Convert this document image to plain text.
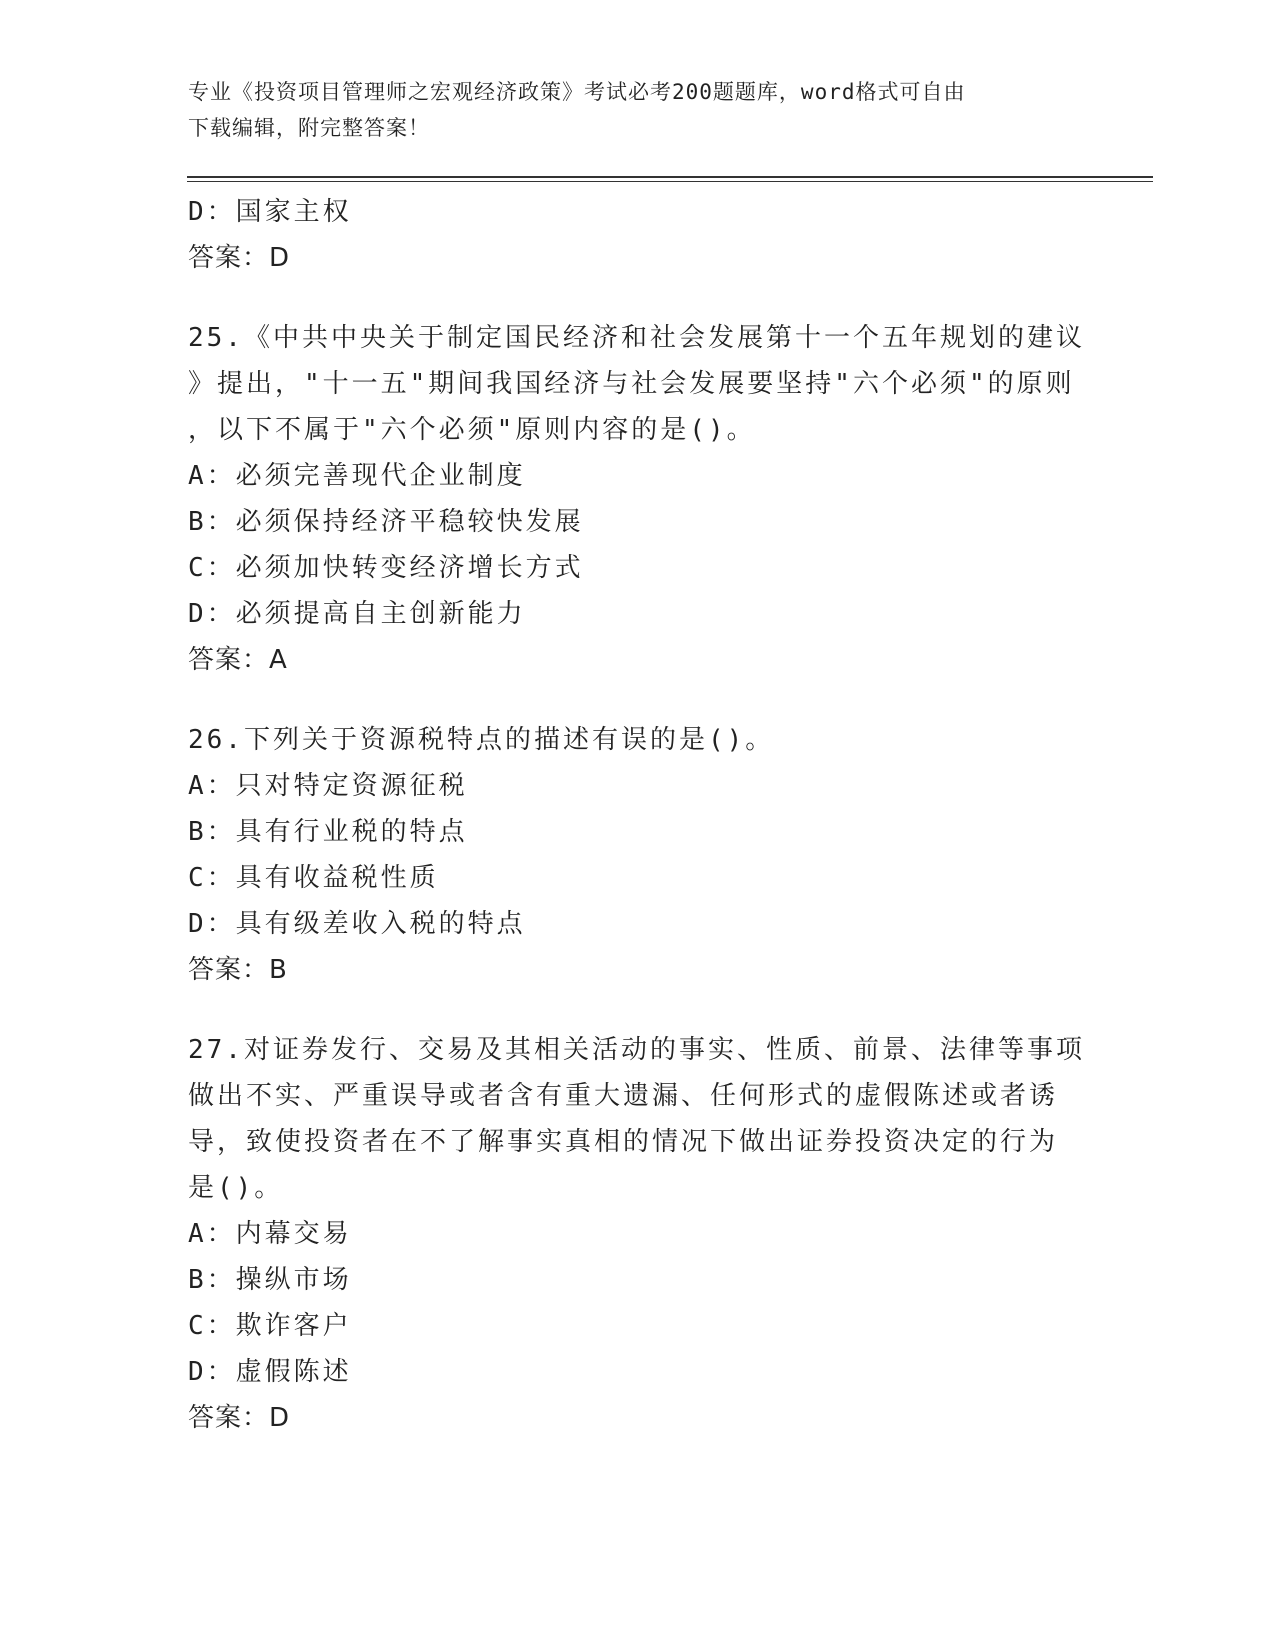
专业《投资项目管理师之宏观经济政策》考试必考200题题库，word格式可自由
下载编辑，附完整答案！
D：国家主权
答案：D
25.《中共中央关于制定国民经济和社会发展第十一个五年规划的建议
》提出，"十一五"期间我国经济与社会发展要坚持"六个必须"的原则
，以下不属于"六个必须"原则内容的是()。
A：必须完善现代企业制度
B：必须保持经济平稳较快发展
C：必须加快转变经济增长方式
D：必须提高自主创新能力
答案：A
26.下列关于资源税特点的描述有误的是()。
A：只对特定资源征税
B：具有行业税的特点
C：具有收益税性质
D：具有级差收入税的特点
答案：B
27.对证券发行、交易及其相关活动的事实、性质、前景、法律等事项
做出不实、严重误导或者含有重大遗漏、任何形式的虚假陈述或者诱
导，致使投资者在不了解事实真相的情况下做出证券投资决定的行为
是()。
A：内幕交易
B：操纵市场
C：欺诈客户
D：虚假陈述
答案：D
